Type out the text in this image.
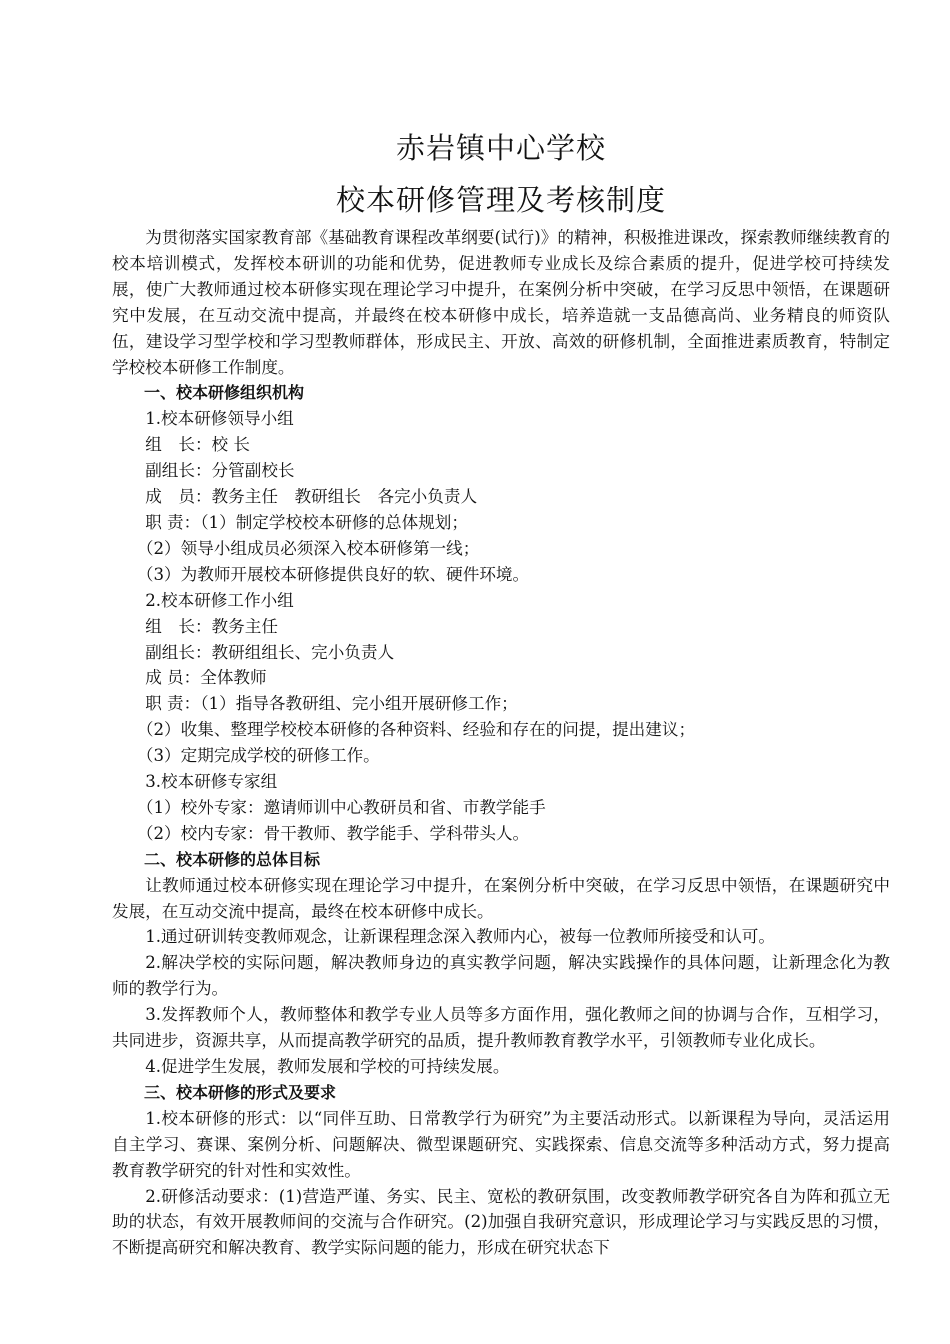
赤岩镇中心学校
校本研修管理及考核制度

为贯彻落实国家教育部《基础教育课程改革纲要(试行)》的精神，积极推进课改，探索教师继续教育的校本培训模式，发挥校本研训的功能和优势，促进教师专业成长及综合素质的提升，促进学校可持续发展，使广大教师通过校本研修实现在理论学习中提升，在案例分析中突破，在学习反思中领悟，在课题研究中发展，在互动交流中提高，并最终在校本研修中成长，培养造就一支品德高尚、业务精良的师资队伍，建设学习型学校和学习型教师群体，形成民主、开放、高效的研修机制，全面推进素质教育，特制定学校校本研修工作制度。

一、校本研修组织机构

1.校本研修领导小组

组　长：校 长

副组长：分管副校长

成　员：教务主任　教研组长　各完小负责人

职 责：（1）制定学校校本研修的总体规划；

（2）领导小组成员必须深入校本研修第一线；

（3）为教师开展校本研修提供良好的软、硬件环境。

2.校本研修工作小组

组　长：教务主任

副组长：教研组组长、完小负责人

成 员：全体教师

职 责：（1）指导各教研组、完小组开展研修工作；

（2）收集、整理学校校本研修的各种资料、经验和存在的问提，提出建议；

（3）定期完成学校的研修工作。

3.校本研修专家组

（1）校外专家：邀请师训中心教研员和省、市教学能手

（2）校内专家：骨干教师、教学能手、学科带头人。

二、校本研修的总体目标

让教师通过校本研修实现在理论学习中提升，在案例分析中突破，在学习反思中领悟，在课题研究中发展，在互动交流中提高，最终在校本研修中成长。

1.通过研训转变教师观念，让新课程理念深入教师内心，被每一位教师所接受和认可。

2.解决学校的实际问题，解决教师身边的真实教学问题，解决实践操作的具体问题，让新理念化为教师的教学行为。

3.发挥教师个人，教师整体和教学专业人员等多方面作用，强化教师之间的协调与合作，互相学习，共同进步，资源共享，从而提高教学研究的品质，提升教师教育教学水平，引领教师专业化成长。

4.促进学生发展，教师发展和学校的可持续发展。

三、校本研修的形式及要求

1.校本研修的形式：以“同伴互助、日常教学行为研究”为主要活动形式。以新课程为导向，灵活运用自主学习、赛课、案例分析、问题解决、微型课题研究、实践探索、信息交流等多种活动方式，努力提高教育教学研究的针对性和实效性。

2.研修活动要求：(1)营造严谨、务实、民主、宽松的教研氛围，改变教师教学研究各自为阵和孤立无助的状态，有效开展教师间的交流与合作研究。(2)加强自我研究意识，形成理论学习与实践反思的习惯，不断提高研究和解决教育、教学实际问题的能力，形成在研究状态下
